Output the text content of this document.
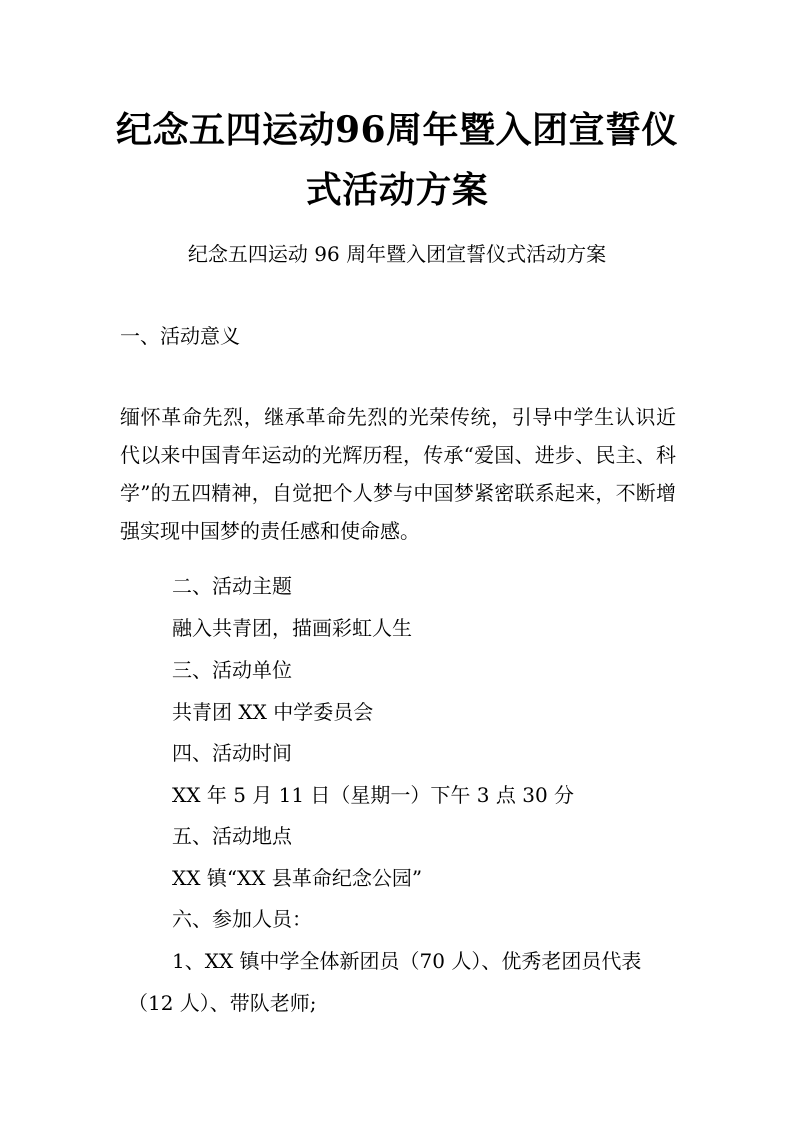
纪念五四运动96周年暨入团宣誓仪
式活动方案
纪念五四运动 96 周年暨入团宣誓仪式活动方案
一、活动意义
缅怀革命先烈，继承革命先烈的光荣传统，引导中学生认识近代以来中国青年运动的光辉历程，传承“爱国、进步、民主、科学”的五四精神，自觉把个人梦与中国梦紧密联系起来，不断增强实现中国梦的责任感和使命感。
二、活动主题
融入共青团，描画彩虹人生
三、活动单位
共青团 XX 中学委员会
四、活动时间
XX 年 5 月 11 日（星期一）下午 3 点 30 分
五、活动地点
XX 镇“XX 县革命纪念公园”
六、参加人员：
1、XX 镇中学全体新团员（70 人）、优秀老团员代表
（12 人）、带队老师;
